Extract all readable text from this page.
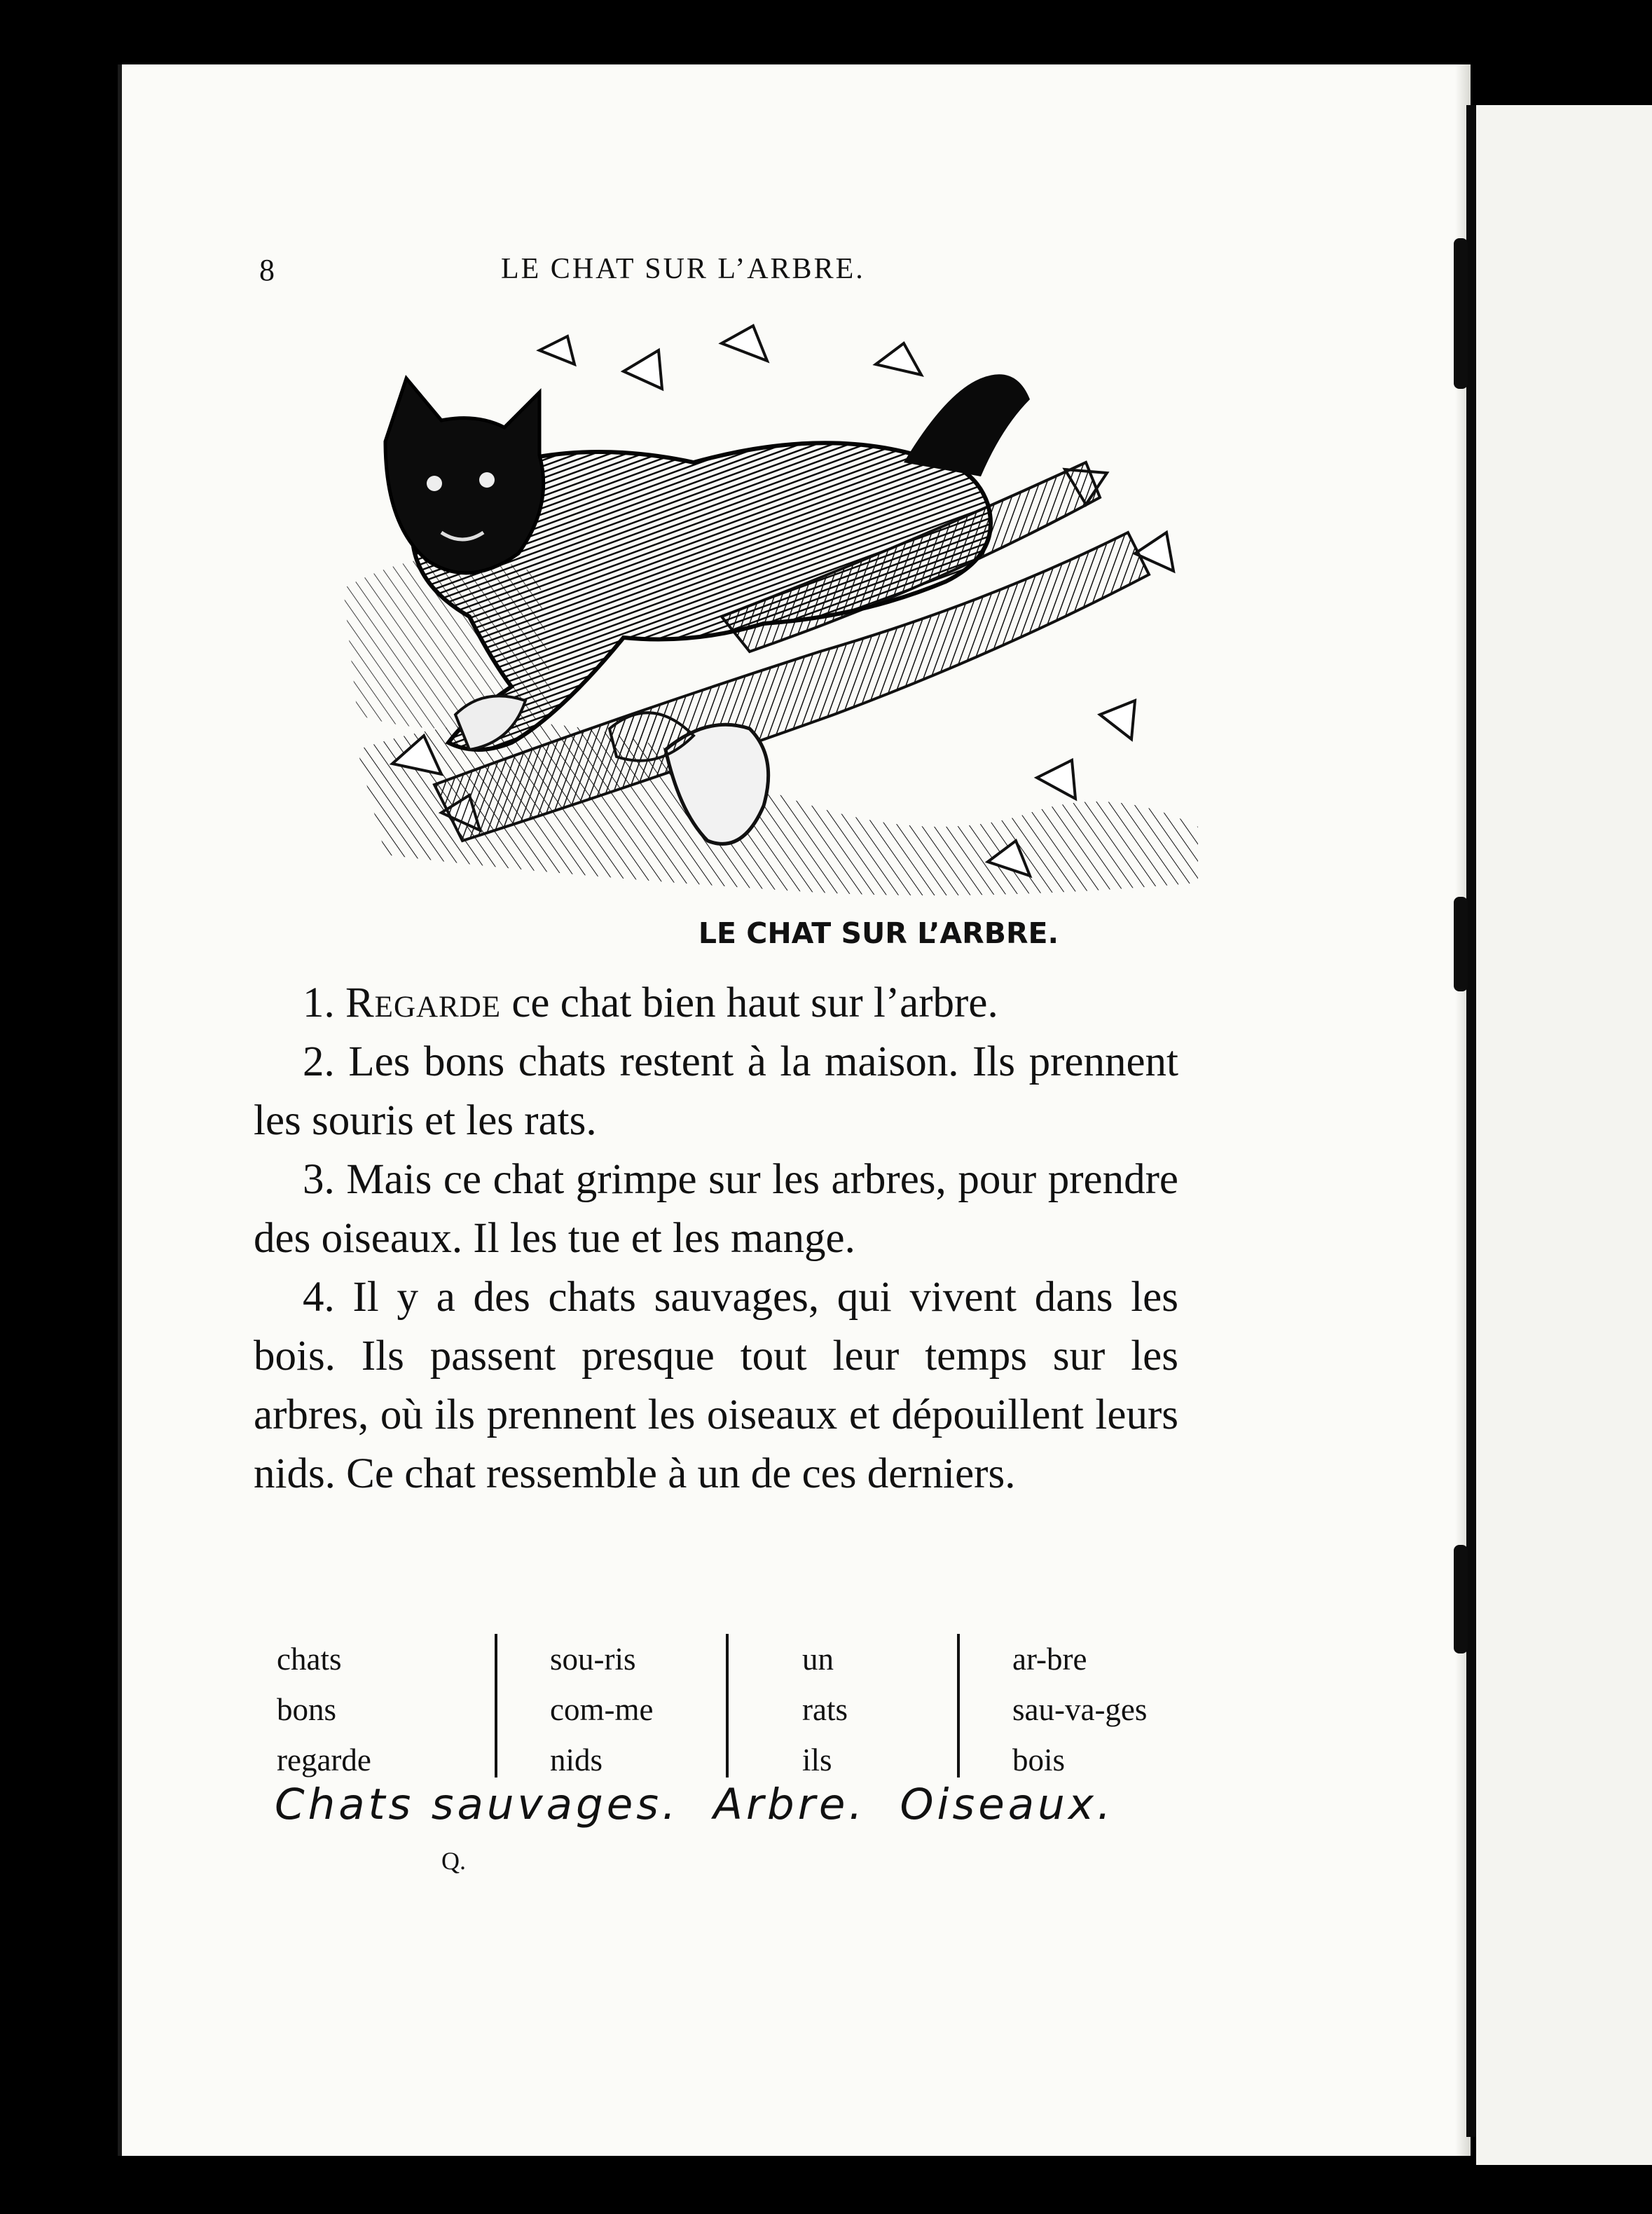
8	LE CHAT SUR L’ARBRE.
LE CHAT SUR L’ARBRE.

1. Regarde ce chat bien haut sur l’arbre.

2. Les bons chats restent à la maison. Ils prennent les souris et les rats.

3. Mais ce chat grimpe sur les arbres, pour prendre des oiseaux. Il les tue et les mange.

4. Il y a des chats sauvages, qui vivent dans les bois. Ils passent presque tout leur temps sur les arbres, où ils prennent les oiseaux et dépouillent leurs nids. Ce chat ressemble à un de ces derniers.

chats
bons
regarde
sou-ris
com-me
nids
un
rats
ils
ar-bre
sau-va-ges
bois
Chats sauvages.  Arbre.  Oiseaux.
Q.
